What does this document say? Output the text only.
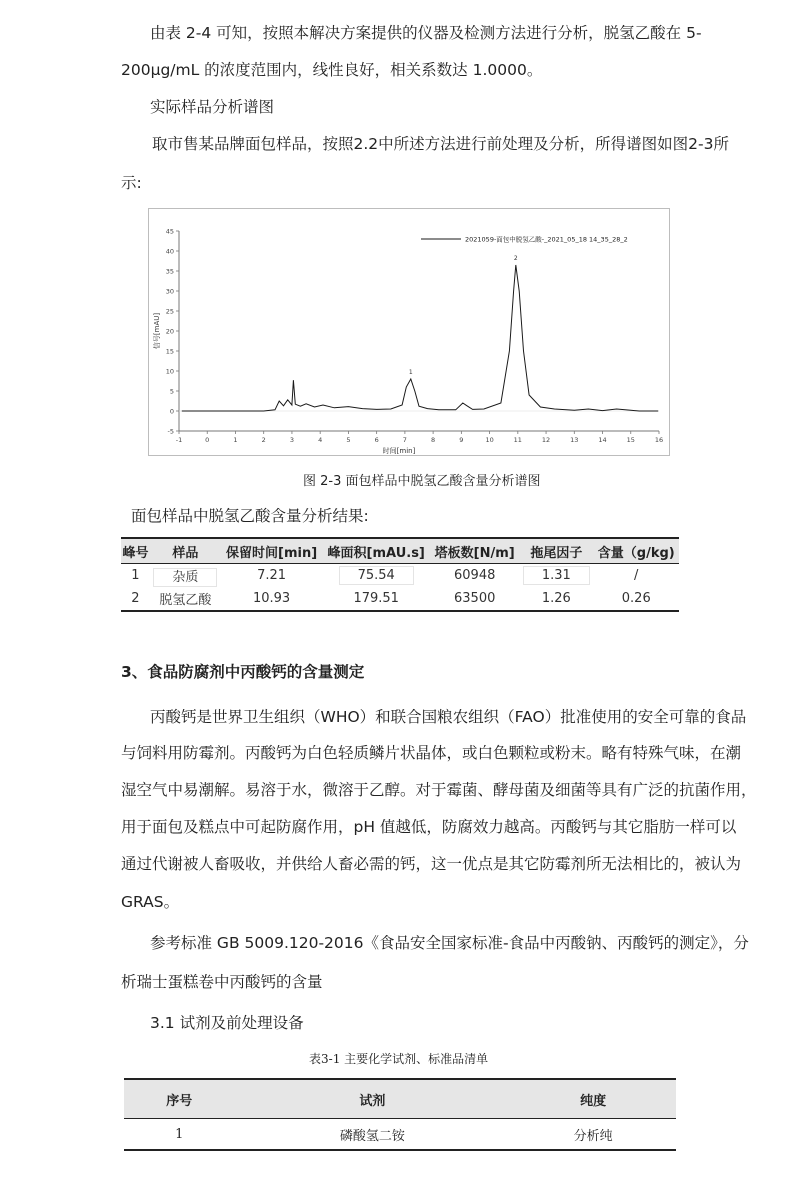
由表 2-4 可知，按照本解决方案提供的仪器及检测方法进行分析，脱氢乙酸在 5-
200μg/mL 的浓度范围内，线性良好，相关系数达 1.0000。
实际样品分析谱图
取市售某品牌面包样品，按照2.2中所述方法进行前处理及分析，所得谱图如图2-3所
示:
-5
0
5
10
15
20
25
30
35
40
45
-1	0	1	2	3	4	5	6	7	8	9	10	11	12	13	14	15	16
时间[min]
信号[mAU]
1
2
2021059-面包中脱氢乙酸-_2021_05_18 14_35_28_2
图 2-3 面包样品中脱氢乙酸含量分析谱图
面包样品中脱氢乙酸含量分析结果:
峰号	样品	保留时间[min]	峰面积[mAU.s]	塔板数[N/m]	拖尾因子	含量（g/kg)
1	杂质	7.21	75.54	60948	1.31	/
2	脱氢乙酸	10.93	179.51	63500	1.26	0.26
3、食品防腐剂中丙酸钙的含量测定
丙酸钙是世界卫生组织（WHO）和联合国粮农组织（FAO）批准使用的安全可靠的食品
与饲料用防霉剂。丙酸钙为白色轻质鳞片状晶体，或白色颗粒或粉末。略有特殊气味，在潮
湿空气中易潮解。易溶于水，微溶于乙醇。对于霉菌、酵母菌及细菌等具有广泛的抗菌作用，
用于面包及糕点中可起防腐作用，pH 值越低，防腐效力越高。丙酸钙与其它脂肪一样可以
通过代谢被人畜吸收，并供给人畜必需的钙，这一优点是其它防霉剂所无法相比的，被认为
GRAS。
参考标准 GB 5009.120-2016《食品安全国家标准-食品中丙酸钠、丙酸钙的测定》，分
析瑞士蛋糕卷中丙酸钙的含量
3.1 试剂及前处理设备
表3-1 主要化学试剂、标准品清单
序号	试剂	纯度
1	磷酸氢二铵	分析纯
